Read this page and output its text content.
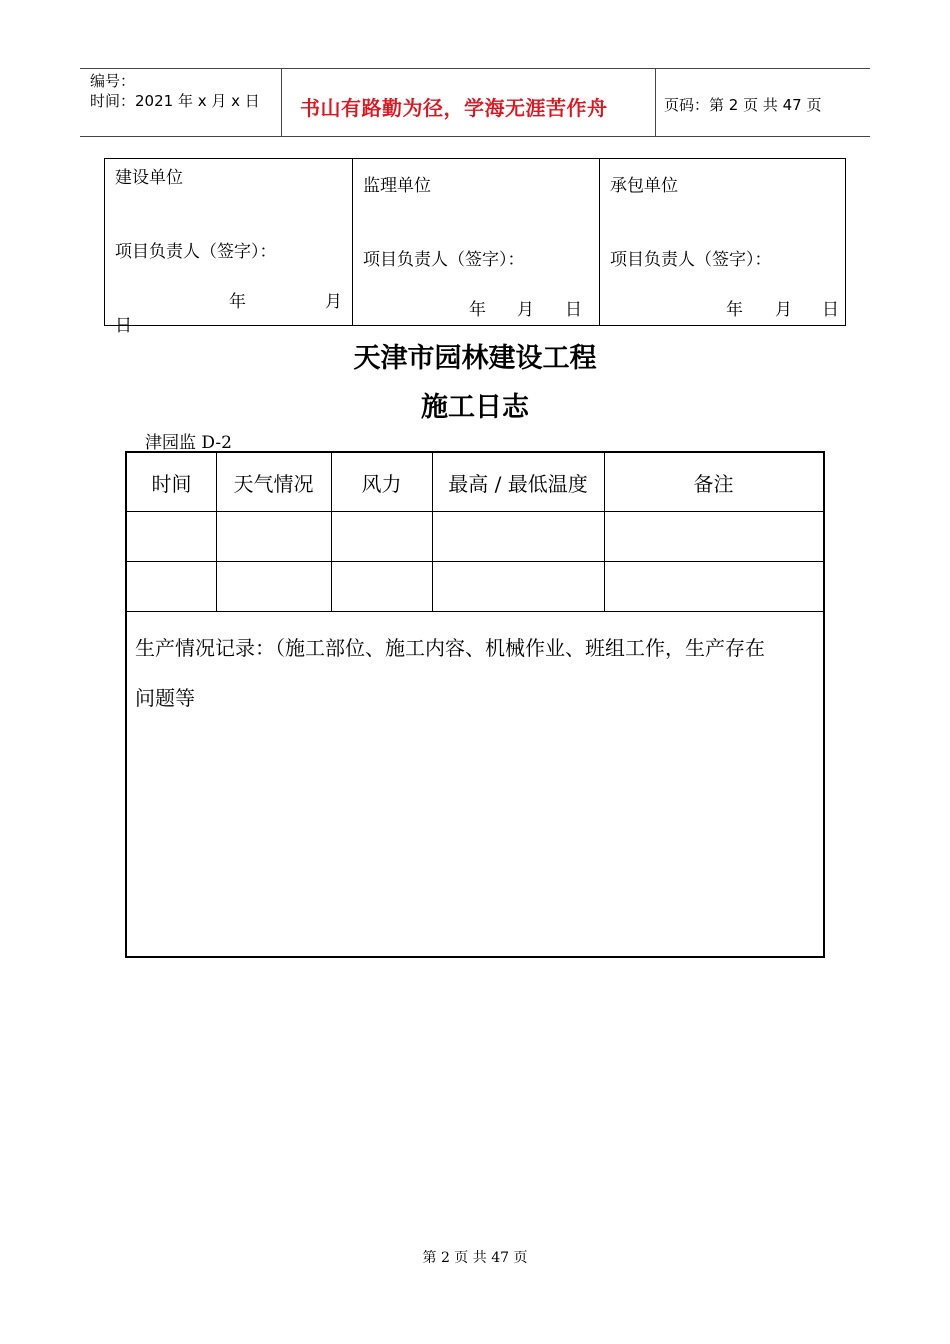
编号：
时间：2021 年 x 月 x 日 书山有路勤为径，学海无涯苦作舟	页码：第 2 页 共 47 页
建设单位
项目负责人（签字）：
年	月
日
监理单位
项目负责人（签字）：
年 月 日
承包单位
项目负责人（签字）：
年 月 日
天津市园林建设工程
施工日志
津园监 D-2
时间	天气情况	风力	最高 / 最低温度	备注
生产情况记录：（施工部位、施工内容、机械作业、班组工作，生产存在
问题等
第 2 页 共 47 页
